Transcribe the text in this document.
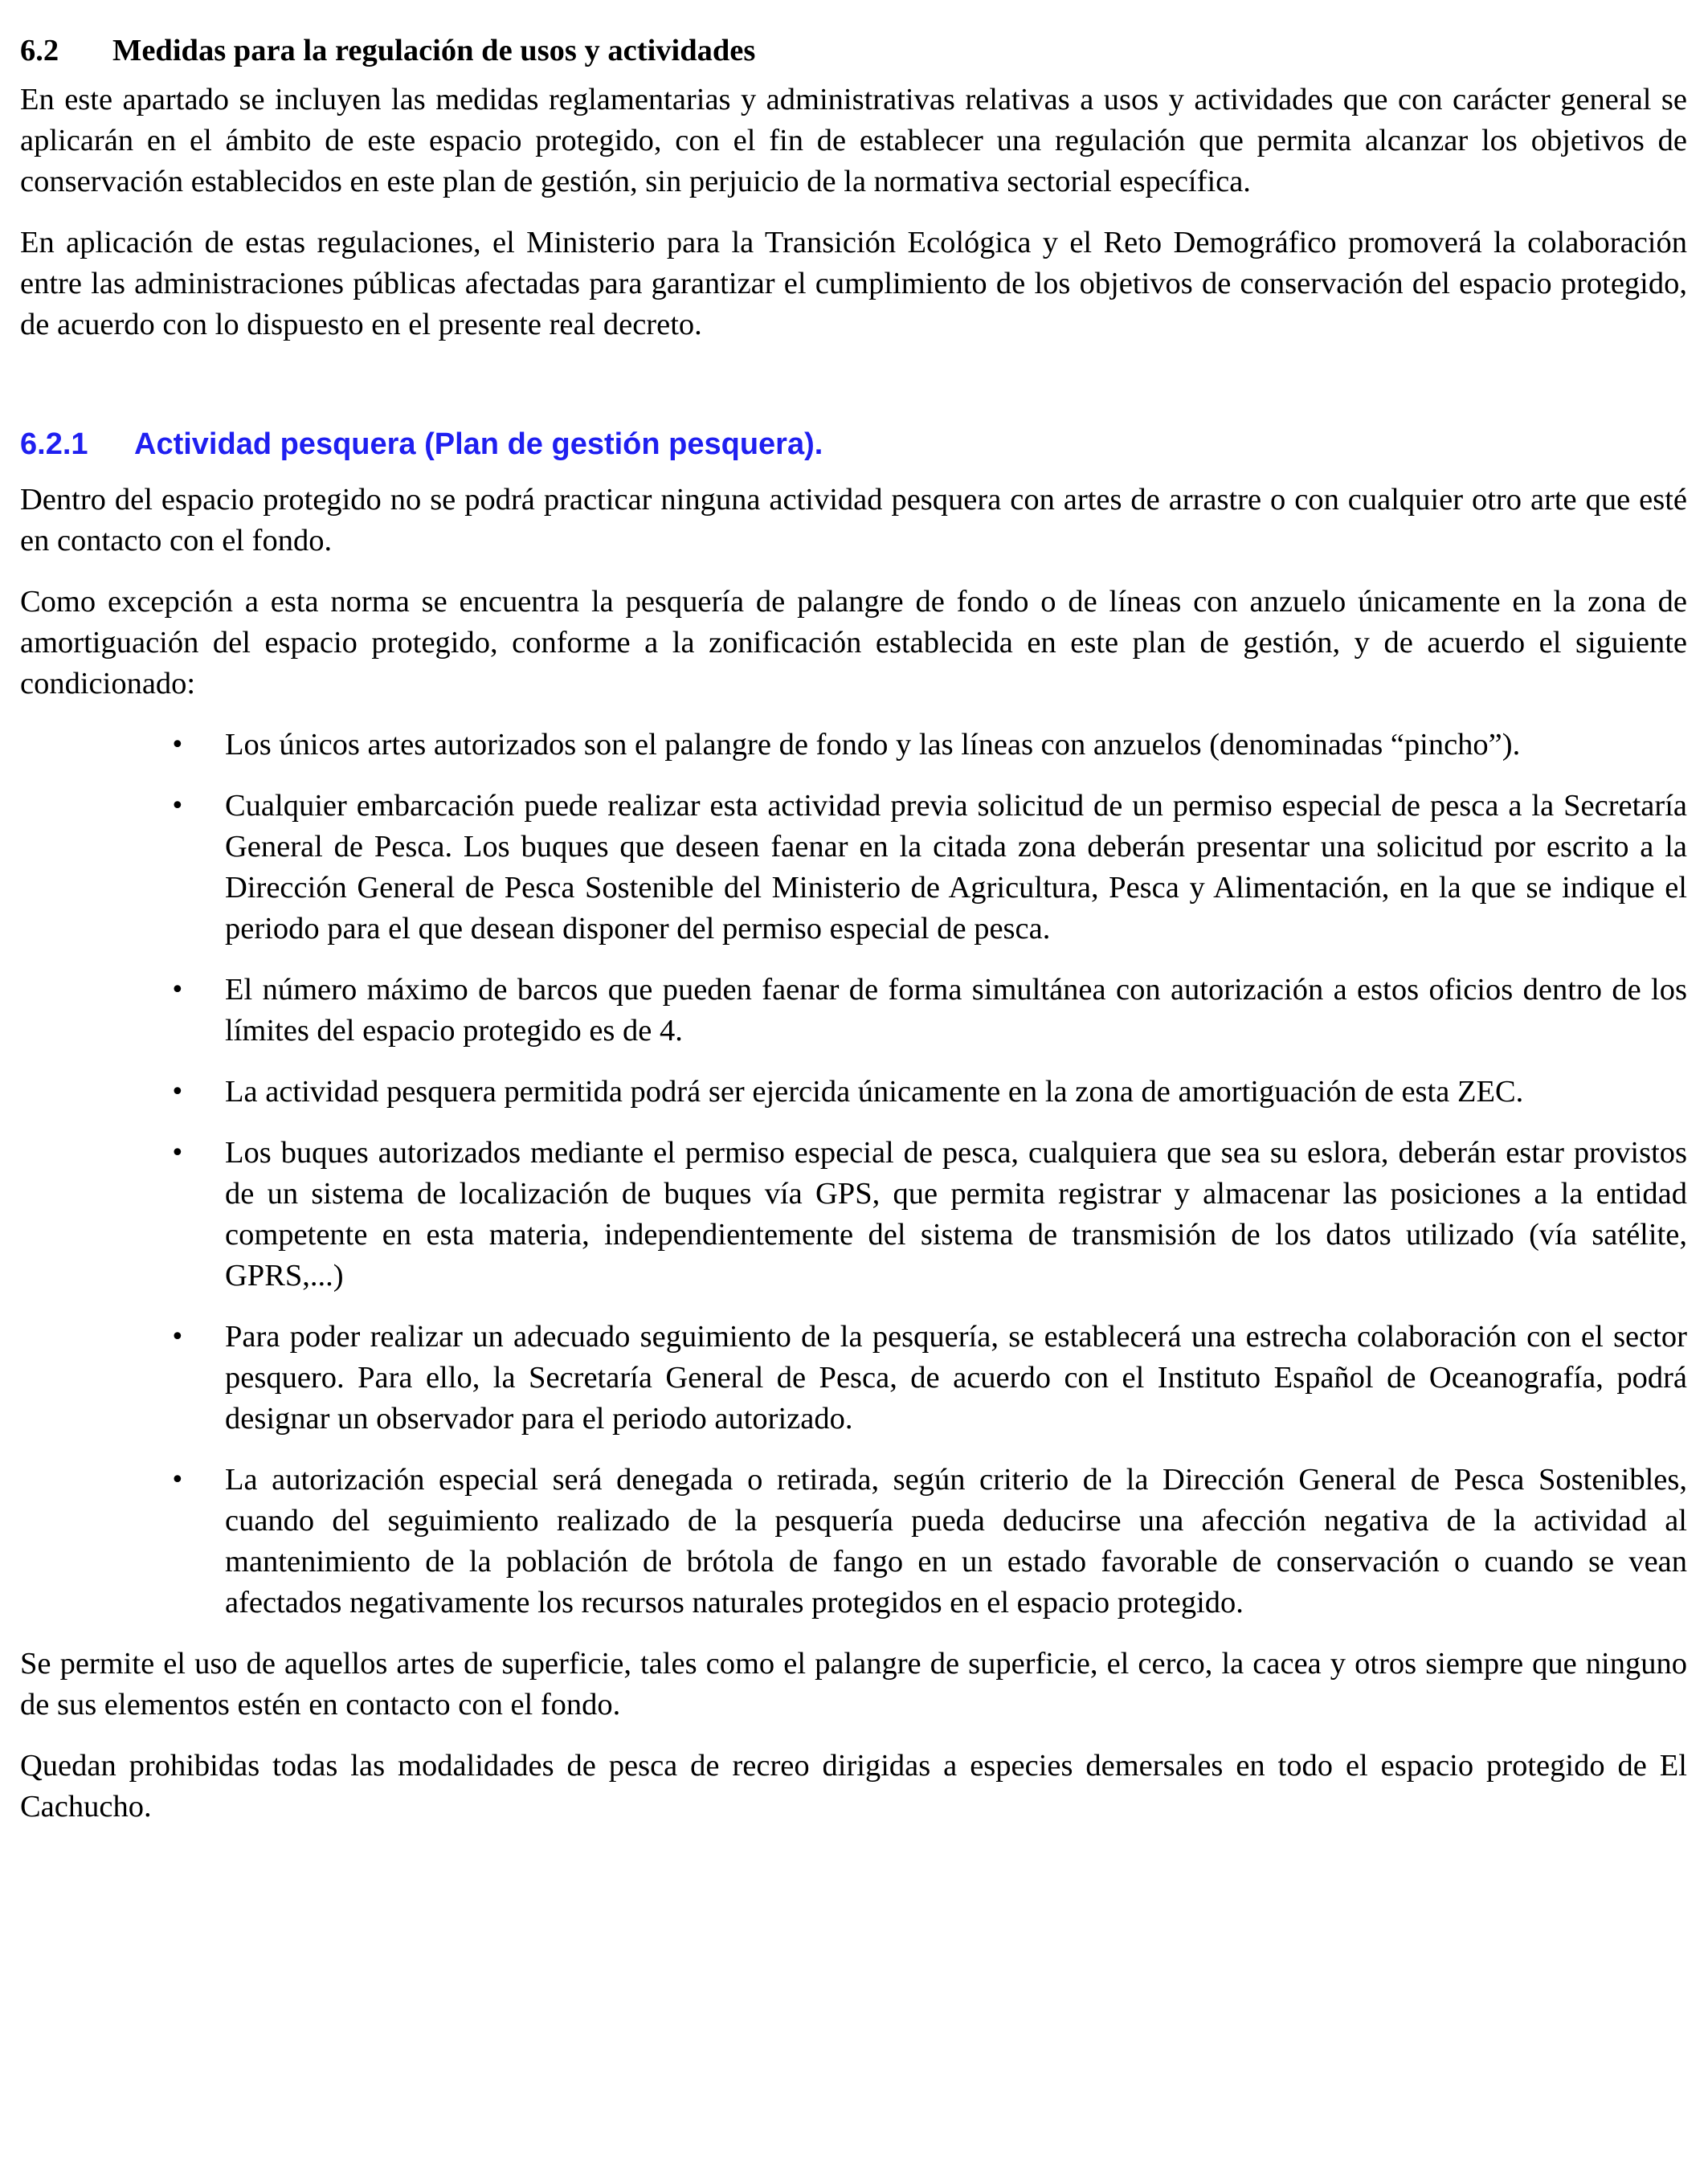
6.2	Medidas para la regulación de usos y actividades

En este apartado se incluyen las medidas reglamentarias y administrativas relativas a usos y actividades que con carácter general se aplicarán en el ámbito de este espacio protegido, con el fin de establecer una regulación que permita alcanzar los objetivos de conservación establecidos en este plan de gestión, sin perjuicio de la normativa sectorial específica.

En aplicación de estas regulaciones, el Ministerio para la Transición Ecológica y el Reto Demográfico promoverá la colaboración entre las administraciones públicas afectadas para garantizar el cumplimiento de los objetivos de conservación del espacio protegido, de acuerdo con lo dispuesto en el presente real decreto.

6.2.1	Actividad pesquera (Plan de gestión pesquera).

Dentro del espacio protegido no se podrá practicar ninguna actividad pesquera con artes de arrastre o con cualquier otro arte que esté en contacto con el fondo.

Como excepción a esta norma se encuentra la pesquería de palangre de fondo o de líneas con anzuelo únicamente en la zona de amortiguación del espacio protegido, conforme a la zonificación establecida en este plan de gestión, y de acuerdo el siguiente condicionado:

• Los únicos artes autorizados son el palangre de fondo y las líneas con anzuelos (denominadas “pincho”).
• Cualquier embarcación puede realizar esta actividad previa solicitud de un permiso especial de pesca a la Secretaría General de Pesca. Los buques que deseen faenar en la citada zona deberán presentar una solicitud por escrito a la Dirección General de Pesca Sostenible del Ministerio de Agricultura, Pesca y Alimentación, en la que se indique el periodo para el que desean disponer del permiso especial de pesca.
• El número máximo de barcos que pueden faenar de forma simultánea con autorización a estos oficios dentro de los límites del espacio protegido es de 4.
• La actividad pesquera permitida podrá ser ejercida únicamente en la zona de amortiguación de esta ZEC.
• Los buques autorizados mediante el permiso especial de pesca, cualquiera que sea su eslora, deberán estar provistos de un sistema de localización de buques vía GPS, que permita registrar y almacenar las posiciones a la entidad competente en esta materia, independientemente del sistema de transmisión de los datos utilizado (vía satélite, GPRS,...)
• Para poder realizar un adecuado seguimiento de la pesquería, se establecerá una estrecha colaboración con el sector pesquero. Para ello, la Secretaría General de Pesca, de acuerdo con el Instituto Español de Oceanografía, podrá designar un observador para el periodo autorizado.
• La autorización especial será denegada o retirada, según criterio de la Dirección General de Pesca Sostenibles, cuando del seguimiento realizado de la pesquería pueda deducirse una afección negativa de la actividad al mantenimiento de la población de brótola de fango en un estado favorable de conservación o cuando se vean afectados negativamente los recursos naturales protegidos en el espacio protegido.

Se permite el uso de aquellos artes de superficie, tales como el palangre de superficie, el cerco, la cacea y otros siempre que ninguno de sus elementos estén en contacto con el fondo.

Quedan prohibidas todas las modalidades de pesca de recreo dirigidas a especies demersales en todo el espacio protegido de El Cachucho.
